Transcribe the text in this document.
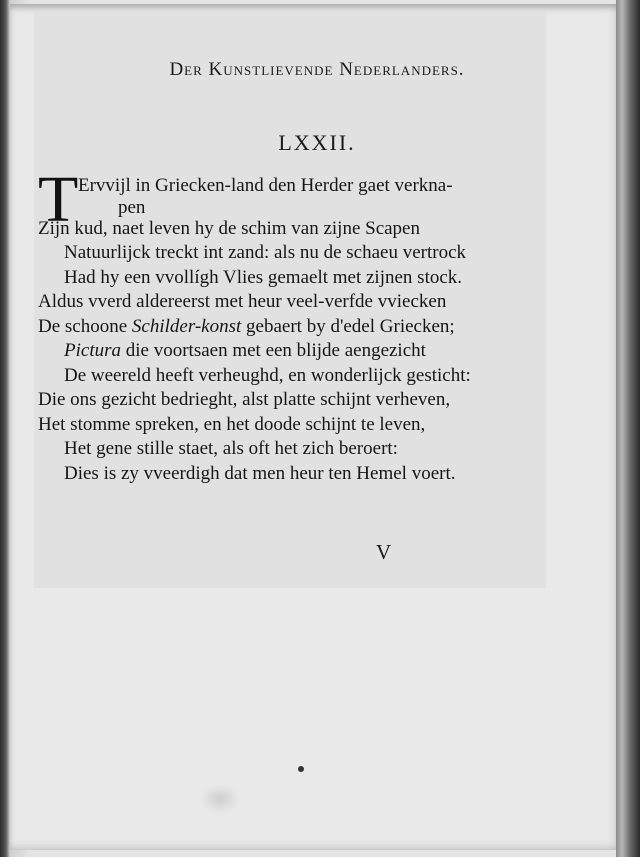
Der Kunstlievende Nederlanders.
LXXII.
T Ervvijl in Griecken-land den Herder gaet verkna-
pen
Zijn kud, naet leven hy de schim van zijne Scapen
Natuurlijck treckt int zand: als nu de schaeu vertrock
Had hy een vvollígh Vlies gemaelt met zijnen stock.
Aldus vverd aldereerst met heur veel-verfde vviecken
De schoone Schilder-konst gebaert by d'edel Griecken;
Pictura die voortsaen met een blijde aengezicht
De weereld heeft verheughd, en wonderlijck gesticht:
Die ons gezicht bedrieght, alst platte schijnt verheven,
Het stomme spreken, en het doode schijnt te leven,
Het gene stille staet, als oft het zich beroert:
Dies is zy vveerdigh dat men heur ten Hemel voert.
V
